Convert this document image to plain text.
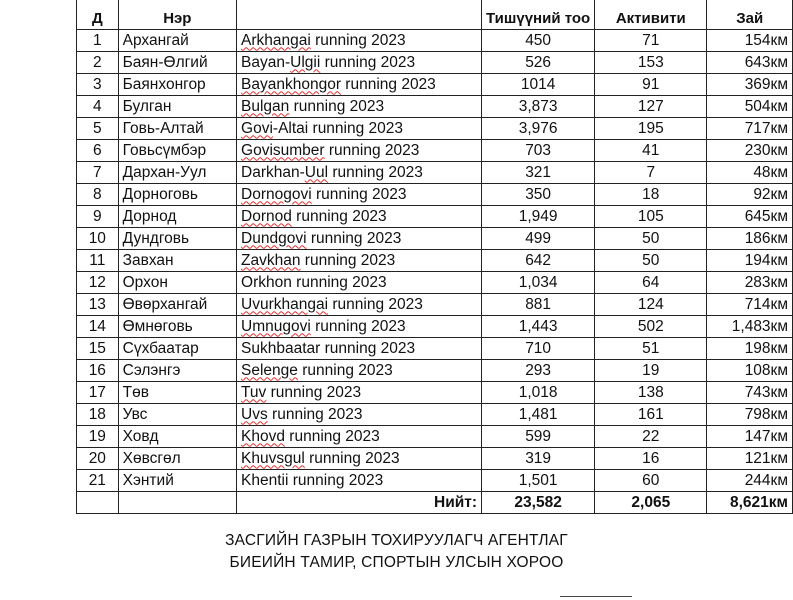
Д	Нэр		Тишүүний тоо	Активити	Зай
1	Архангай	Arkhangai running 2023	450	71	154км
2	Баян-Өлгий	Bayan-Ulgii running 2023	526	153	643км
3	Баянхонгор	Bayankhongor running 2023	1014	91	369км
4	Булган	Bulgan running 2023	3,873	127	504км
5	Говь-Алтай	Govi-Altai running 2023	3,976	195	717км
6	Говьсүмбэр	Govisumber running 2023	703	41	230км
7	Дархан-Уул	Darkhan-Uul running 2023	321	7	48км
8	Дорноговь	Dornogovi running 2023	350	18	92км
9	Дорнод	Dornod running 2023	1,949	105	645км
10	Дундговь	Dundgovi running 2023	499	50	186км
11	Завхан	Zavkhan running 2023	642	50	194км
12	Орхон	Orkhon running 2023	1,034	64	283км
13	Өвөрхангай	Uvurkhangai running 2023	881	124	714км
14	Өмнөговь	Umnugovi running 2023	1,443	502	1,483км
15	Сүхбаатар	Sukhbaatar running 2023	710	51	198км
16	Сэлэнгэ	Selenge running 2023	293	19	108км
17	Төв	Tuv running 2023	1,018	138	743км
18	Увс	Uvs running 2023	1,481	161	798км
19	Ховд	Khovd running 2023	599	22	147км
20	Хөвсгөл	Khuvsgul running 2023	319	16	121км
21	Хэнтий	Khentii running 2023	1,501	60	244км
		Нийт:	23,582	2,065	8,621км
ЗАСГИЙН ГАЗРЫН ТОХИРУУЛАГЧ АГЕНТЛАГ
БИЕИЙН ТАМИР, СПОРТЫН УЛСЫН ХОРОО
